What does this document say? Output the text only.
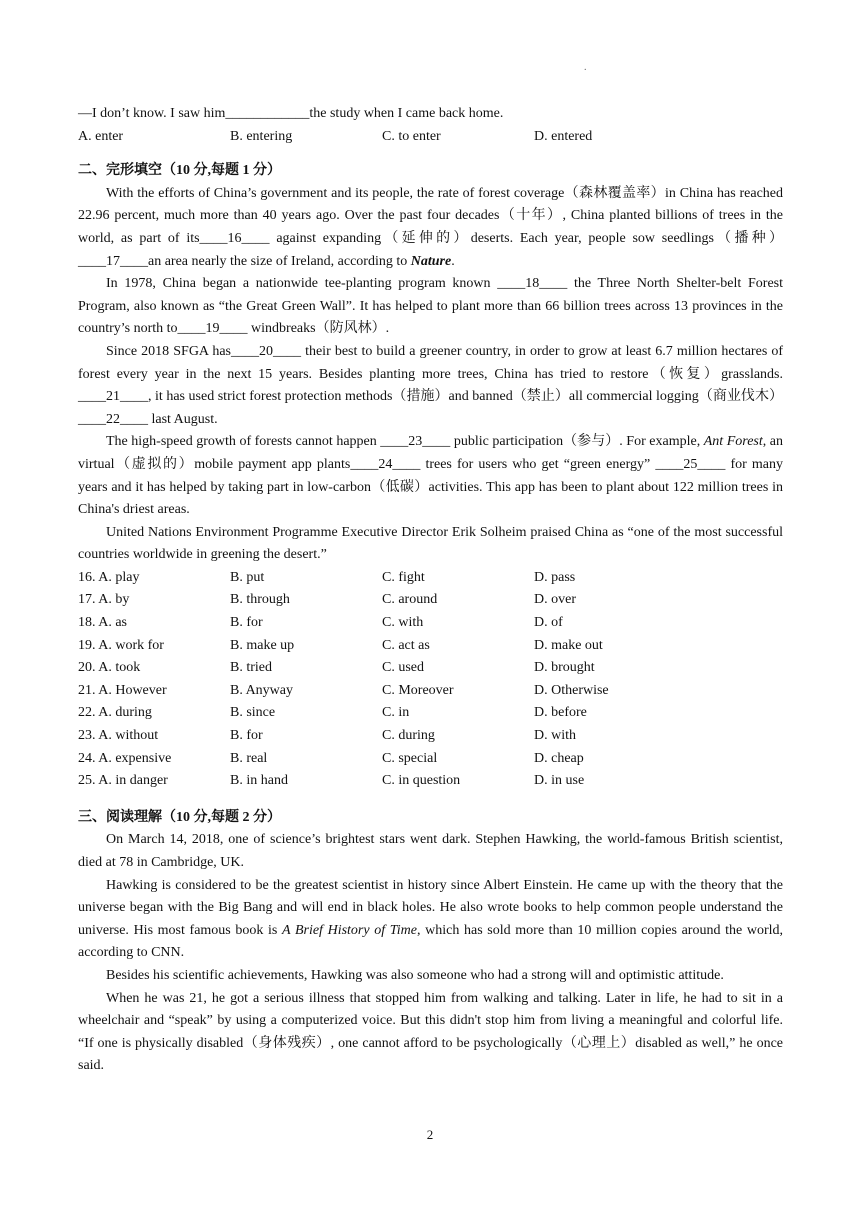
.
—I don’t know. I saw him____________the study when I came back home.
A. enter	B. entering	C. to enter	D. entered
二、完形填空（10 分,每题 1 分）
With the efforts of China’s government and its people, the rate of forest coverage（森林覆盖率）in China has reached 22.96 percent, much more than 40 years ago. Over the past four decades（十年）, China planted billions of trees in the world, as part of its____16____ against expanding（延伸的）deserts. Each year, people sow seedlings（播种）____17____an area nearly the size of Ireland, according to Nature.
In 1978, China began a nationwide tee-planting program known ____18____ the Three North Shelter-belt Forest Program, also known as “the Great Green Wall”. It has helped to plant more than 66 billion trees across 13 provinces in the country’s north to____19____ windbreaks（防风林）.
Since 2018 SFGA has____20____ their best to build a greener country, in order to grow at least 6.7 million hectares of forest every year in the next 15 years. Besides planting more trees, China has tried to restore（恢复）grasslands. ____21____, it has used strict forest protection methods（措施）and banned（禁止）all commercial logging（商业伐木）____22____ last August.
The high-speed growth of forests cannot happen ____23____ public participation（参与）. For example, Ant Forest, an virtual（虚拟的）mobile payment app plants____24____ trees for users who get “green energy” ____25____ for many years and it has helped by taking part in low-carbon（低碳）activities. This app has been to plant about 122 million trees in China's driest areas.
United Nations Environment Programme Executive Director Erik Solheim praised China as “one of the most successful countries worldwide in greening the desert.”
16. A. play	B. put	C. fight	D. pass
17. A. by	B. through	C. around	D. over
18. A. as	B. for	C. with	D. of
19. A. work for	B. make up	C. act as	D. make out
20. A. took	B. tried	C. used	D. brought
21. A. However	B. Anyway	C. Moreover	D. Otherwise
22. A. during	B. since	C. in	D. before
23. A. without	B. for	C. during	D. with
24. A. expensive	B. real	C. special	D. cheap
25. A. in danger	B. in hand	C. in question	D. in use
三、阅读理解（10 分,每题 2 分）
On March 14, 2018, one of science’s brightest stars went dark. Stephen Hawking, the world-famous British scientist, died at 78 in Cambridge, UK.
Hawking is considered to be the greatest scientist in history since Albert Einstein. He came up with the theory that the universe began with the Big Bang and will end in black holes. He also wrote books to help common people understand the universe. His most famous book is A Brief History of Time, which has sold more than 10 million copies around the world, according to CNN.
Besides his scientific achievements, Hawking was also someone who had a strong will and optimistic attitude.
When he was 21, he got a serious illness that stopped him from walking and talking. Later in life, he had to sit in a wheelchair and “speak” by using a computerized voice. But this didn't stop him from living a meaningful and colorful life. “If one is physically disabled（身体残疾）, one cannot afford to be psychologically（心理上）disabled as well,” he once said.
2
